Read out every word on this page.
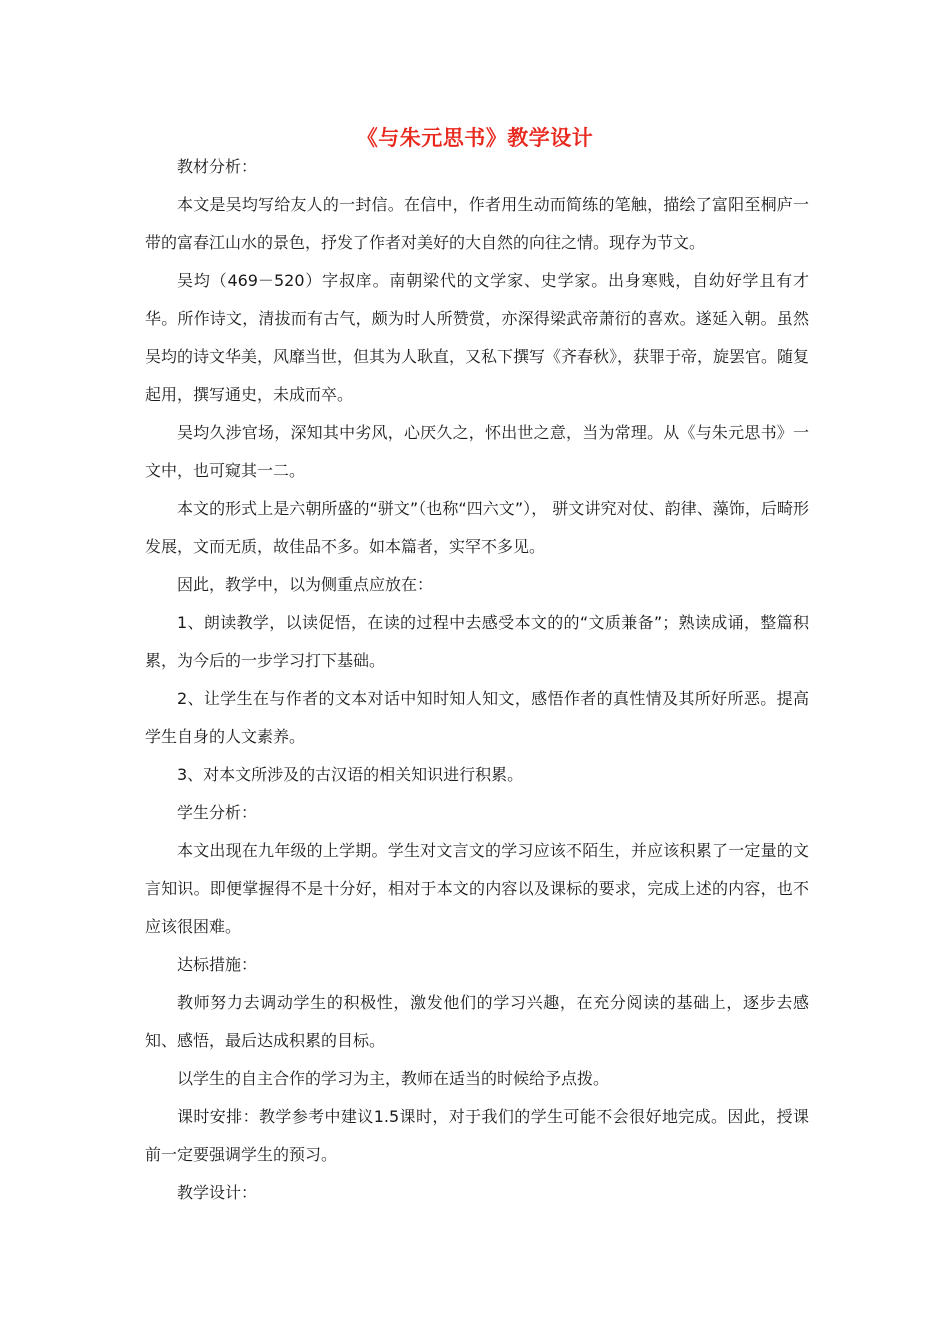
《与朱元思书》教学设计

教材分析：

本文是吴均写给友人的一封信。在信中，作者用生动而简练的笔触，描绘了富阳至桐庐一带的富春江山水的景色，抒发了作者对美好的大自然的向往之情。现存为节文。

吴均（469－520）字叔庠。南朝梁代的文学家、史学家。出身寒贱，自幼好学且有才华。所作诗文，清拔而有古气，颇为时人所赞赏，亦深得梁武帝萧衍的喜欢。遂延入朝。虽然吴均的诗文华美，风靡当世，但其为人耿直，又私下撰写《齐春秋》，获罪于帝，旋罢官。随复起用，撰写通史，未成而卒。

吴均久涉官场，深知其中劣风，心厌久之，怀出世之意，当为常理。从《与朱元思书》一文中，也可窥其一二。

本文的形式上是六朝所盛的“骈文”（也称“四六文”）， 骈文讲究对仗、韵律、藻饰，后畸形发展，文而无质，故佳品不多。如本篇者，实罕不多见。

因此，教学中，以为侧重点应放在：

1、朗读教学，以读促悟，在读的过程中去感受本文的的“文质兼备”；熟读成诵，整篇积累，为今后的一步学习打下基础。

2、让学生在与作者的文本对话中知时知人知文，感悟作者的真性情及其所好所恶。提高学生自身的人文素养。

3、对本文所涉及的古汉语的相关知识进行积累。

学生分析：

本文出现在九年级的上学期。学生对文言文的学习应该不陌生，并应该积累了一定量的文言知识。即便掌握得不是十分好，相对于本文的内容以及课标的要求，完成上述的内容，也不应该很困难。

达标措施：

教师努力去调动学生的积极性，激发他们的学习兴趣，在充分阅读的基础上，逐步去感知、感悟，最后达成积累的目标。

以学生的自主合作的学习为主，教师在适当的时候给予点拨。

课时安排：教学参考中建议1.5课时，对于我们的学生可能不会很好地完成。因此，授课前一定要强调学生的预习。

教学设计：
